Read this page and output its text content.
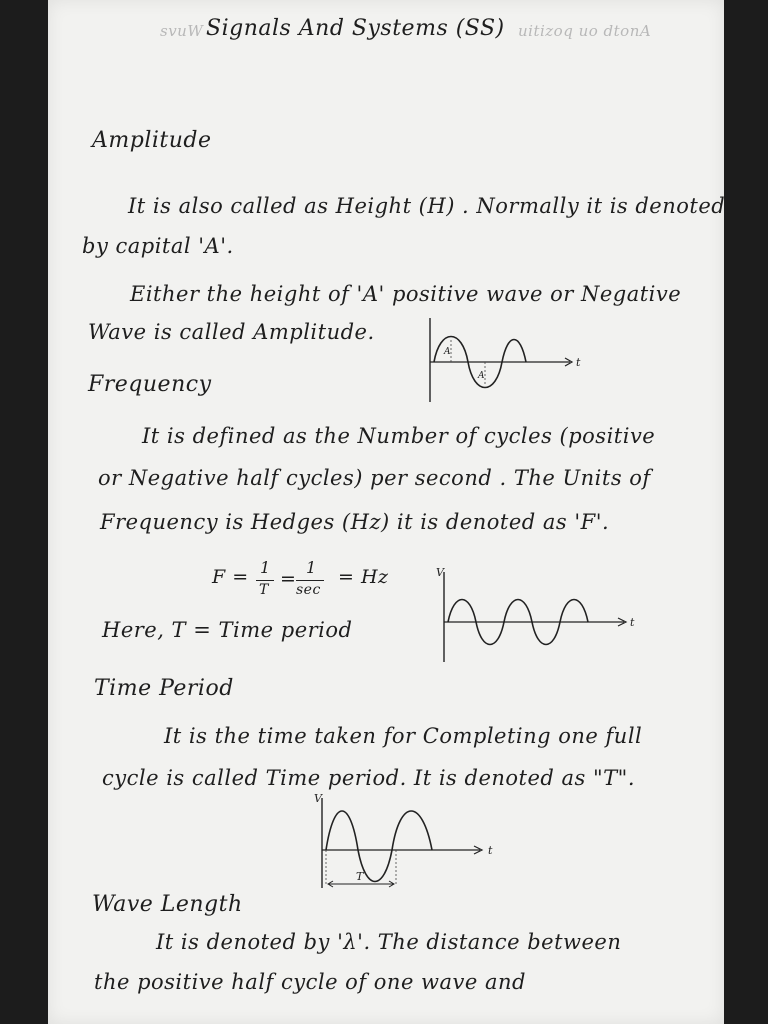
svuW Signals And Systems (SS) uitizoq uo dtonA
Amplitude
It is also called as Height (H) . Normally it is denoted
by capital 'A'.
Either the height of 'A' positive wave or Negative
Wave is called Amplitude.
A
A
t
Frequency
It is defined as the Number of cycles (positive
or Negative half cycles) per second . The Units of
Frequency is Hedges (Hz) it is denoted as 'F'.
F = 1
T =
1
sec
= Hz
Here, T = Time period
V
t
Time Period
It is the time taken for Completing one full
cycle is called Time period. It is denoted as "T".
V
T
t
Wave Length
It is denoted by 'λ'. The distance between
the positive half cycle of one wave and
